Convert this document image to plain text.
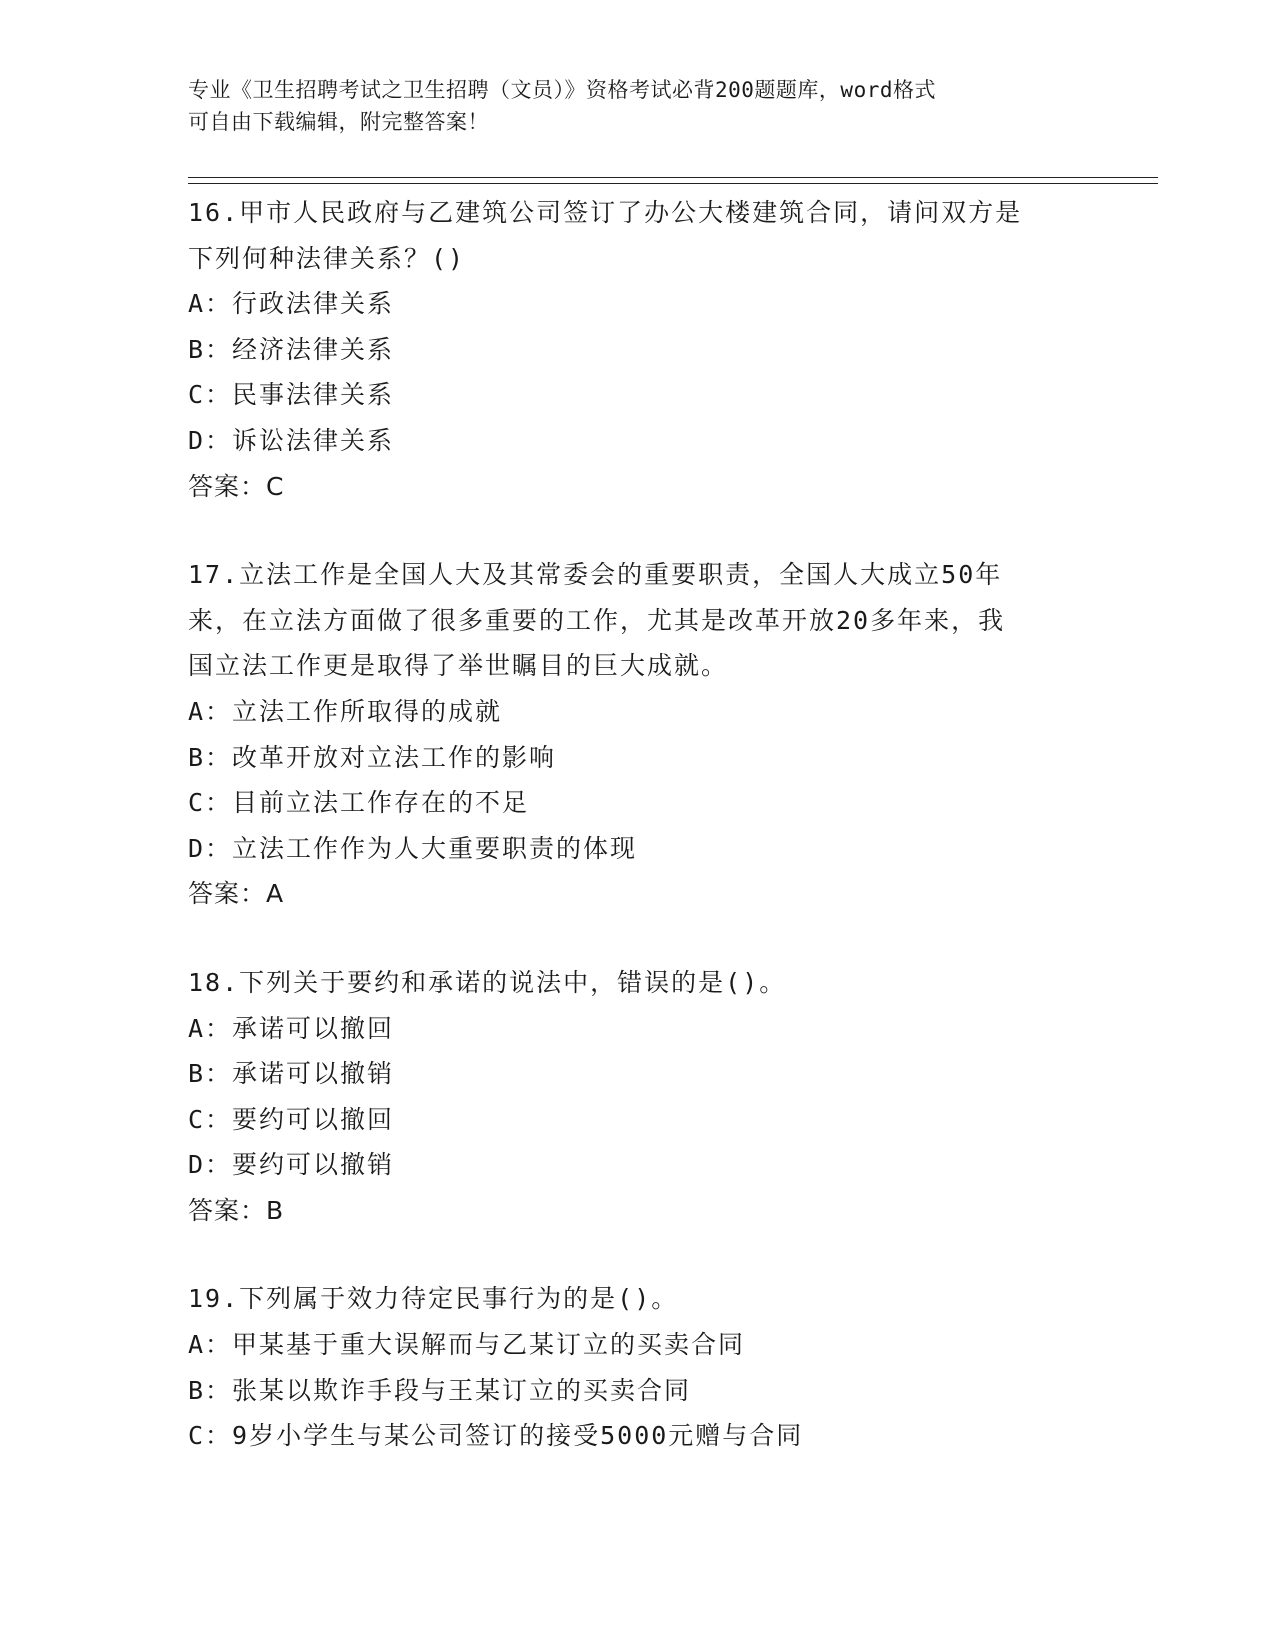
专业《卫生招聘考试之卫生招聘（文员）》资格考试必背200题题库，word格式
可自由下载编辑，附完整答案！
16.甲市人民政府与乙建筑公司签订了办公大楼建筑合同，请问双方是
下列何种法律关系？()
A：行政法律关系
B：经济法律关系
C：民事法律关系
D：诉讼法律关系
答案：C
17.立法工作是全国人大及其常委会的重要职责，全国人大成立50年
来，在立法方面做了很多重要的工作，尤其是改革开放20多年来，我
国立法工作更是取得了举世瞩目的巨大成就。
A：立法工作所取得的成就
B：改革开放对立法工作的影响
C：目前立法工作存在的不足
D：立法工作作为人大重要职责的体现
答案：A
18.下列关于要约和承诺的说法中，错误的是()。
A：承诺可以撤回
B：承诺可以撤销
C：要约可以撤回
D：要约可以撤销
答案：B
19.下列属于效力待定民事行为的是()。
A：甲某基于重大误解而与乙某订立的买卖合同
B：张某以欺诈手段与王某订立的买卖合同
C：9岁小学生与某公司签订的接受5000元赠与合同
